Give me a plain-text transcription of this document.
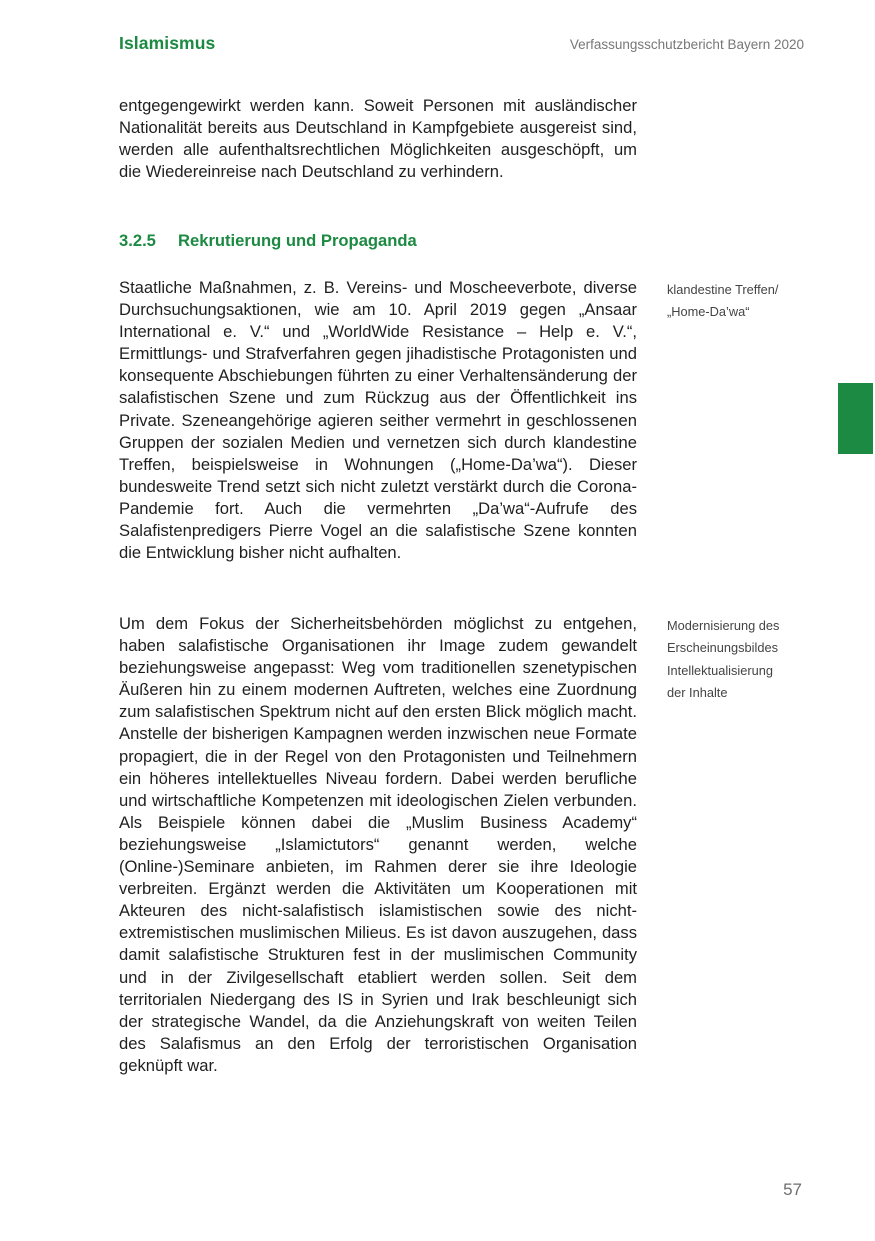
Islamismus	Verfassungsschutzbericht Bayern 2020

entgegengewirkt werden kann. Soweit Personen mit ausländischer Nationalität bereits aus Deutschland in Kampfgebiete ausgereist sind, werden alle aufenthaltsrechtlichen Möglichkeiten ausgeschöpft, um die Wiedereinreise nach Deutschland zu verhindern.

3.2.5 Rekrutierung und Propaganda

Staatliche Maßnahmen, z. B. Vereins- und Moscheeverbote, diverse Durchsuchungsaktionen, wie am 10. April 2019 gegen „Ansaar International e. V.“ und „WorldWide Resistance – Help e. V.“, Ermittlungs- und Strafverfahren gegen jihadistische Protagonisten und konsequente Abschiebungen führten zu einer Verhaltensänderung der salafistischen Szene und zum Rückzug aus der Öffentlichkeit ins Private. Szeneangehörige agieren seither vermehrt in geschlossenen Gruppen der sozialen Medien und vernetzen sich durch klandestine Treffen, beispielsweise in Wohnungen („Home-Da’wa“). Dieser bundesweite Trend setzt sich nicht zuletzt verstärkt durch die Corona-Pandemie fort. Auch die vermehrten „Da’wa“-Aufrufe des Salafistenpredigers Pierre Vogel an die salafistische Szene konnten die Entwicklung bisher nicht aufhalten.

klandestine Treffen/
„Home-Da’wa“

Um dem Fokus der Sicherheitsbehörden möglichst zu entgehen, haben salafistische Organisationen ihr Image zudem gewandelt beziehungsweise angepasst: Weg vom traditionellen szenetypischen Äußeren hin zu einem modernen Auftreten, welches eine Zuordnung zum salafistischen Spektrum nicht auf den ersten Blick möglich macht. Anstelle der bisherigen Kampagnen werden inzwischen neue Formate propagiert, die in der Regel von den Protagonisten und Teilnehmern ein höheres intellektuelles Niveau fordern. Dabei werden berufliche und wirtschaftliche Kompetenzen mit ideologischen Zielen verbunden. Als Beispiele können dabei die „Muslim Business Academy“ beziehungsweise „Islamictutors“ genannt werden, welche (Online-)Seminare anbieten, im Rahmen derer sie ihre Ideologie verbreiten. Ergänzt werden die Aktivitäten um Kooperationen mit Akteuren des nicht-salafistisch islamistischen sowie des nicht-extremistischen muslimischen Milieus. Es ist davon auszugehen, dass damit salafistische Strukturen fest in der muslimischen Community und in der Zivilgesellschaft etabliert werden sollen. Seit dem territorialen Niedergang des IS in Syrien und Irak beschleunigt sich der strategische Wandel, da die Anziehungskraft von weiten Teilen des Salafismus an den Erfolg der terroristischen Organisation geknüpft war.

Modernisierung des
Erscheinungsbildes
Intellektualisierung
der Inhalte
57
